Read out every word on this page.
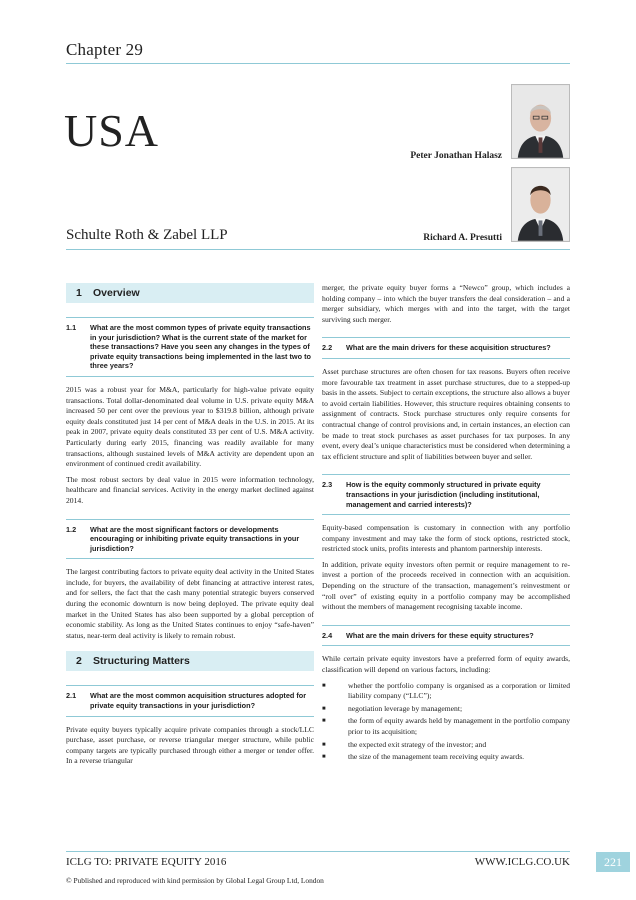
Chapter 29
USA	Peter Jonathan Halasz
Richard A. Presutti
Schulte Roth & Zabel LLP
1	Overview
1.1	What are the most common types of private equity transactions in your jurisdiction? What is the current state of the market for these transactions? Have you seen any changes in the types of private equity transactions being implemented in the last two to three years?

2015 was a robust year for M&A, particularly for high-value private equity transactions. Total dollar-denominated deal volume in U.S. private equity M&A increased 50 per cent over the previous year to $319.8 billion, although private equity deals constituted just 14 per cent of M&A deals in the U.S. in 2015. At its peak in 2007, private equity deals constituted 33 per cent of U.S. M&A activity. Particularly during early 2015, financing was readily available for many transactions, although sustained levels of M&A activity are dependent upon an environment of continued credit availability.

The most robust sectors by deal value in 2015 were information technology, healthcare and financial services. Activity in the energy market declined against 2014.

1.2	What are the most significant factors or developments encouraging or inhibiting private equity transactions in your jurisdiction?

The largest contributing factors to private equity deal activity in the United States include, for buyers, the availability of debt financing at attractive interest rates, and for sellers, the fact that the cash many potential strategic buyers conserved during the economic downturn is now being deployed. The private equity deal market in the United States has also been supported by a global perception of economic stability. As long as the United States continues to enjoy “safe-haven” status, near-term deal activity is likely to remain robust.

2	Structuring Matters
2.1	What are the most common acquisition structures adopted for private equity transactions in your jurisdiction?

Private equity buyers typically acquire private companies through a stock/LLC purchase, asset purchase, or reverse triangular merger structure, while public company targets are typically purchased through either a merger or tender offer. In a reverse triangular

merger, the private equity buyer forms a “Newco” group, which includes a holding company – into which the buyer transfers the deal consideration – and a merger subsidiary, which merges with and into the target, with the target surviving such merger.

2.2	What are the main drivers for these acquisition structures?

Asset purchase structures are often chosen for tax reasons. Buyers often receive more favourable tax treatment in asset purchase structures, due to a stepped-up basis in the assets. Subject to certain exceptions, the structure also allows a buyer to avoid certain liabilities. However, this structure requires obtaining consents to assignment of contracts. Stock purchase structures only require consents for contractual change of control provisions and, in certain instances, an election can be made to treat stock purchases as asset purchases for tax purposes. In any event, every deal’s unique characteristics must be considered when determining a tax efficient structure and split of liabilities between buyer and seller.

2.3	How is the equity commonly structured in private equity transactions in your jurisdiction (including institutional, management and carried interests)?

Equity-based compensation is customary in connection with any portfolio company investment and may take the form of stock options, restricted stock, restricted stock units, profits interests and phantom partnership interests.

In addition, private equity investors often permit or require management to re-invest a portion of the proceeds received in connection with an acquisition. Depending on the structure of the transaction, management’s reinvestment or “roll over” of existing equity in a portfolio company may be accomplished without the members of management recognising taxable income.

2.4	What are the main drivers for these equity structures?

While certain private equity investors have a preferred form of equity awards, classification will depend on various factors, including:

■	whether the portfolio company is organised as a corporation or limited liability company (“LLC”);
■	negotiation leverage by management;
■	the form of equity awards held by management in the portfolio company prior to its acquisition;
■	the expected exit strategy of the investor; and
■	the size of the management team receiving equity awards.
ICLG TO: PRIVATE EQUITY 2016	WWW.ICLG.CO.UK	221
© Published and reproduced with kind permission by Global Legal Group Ltd, London
